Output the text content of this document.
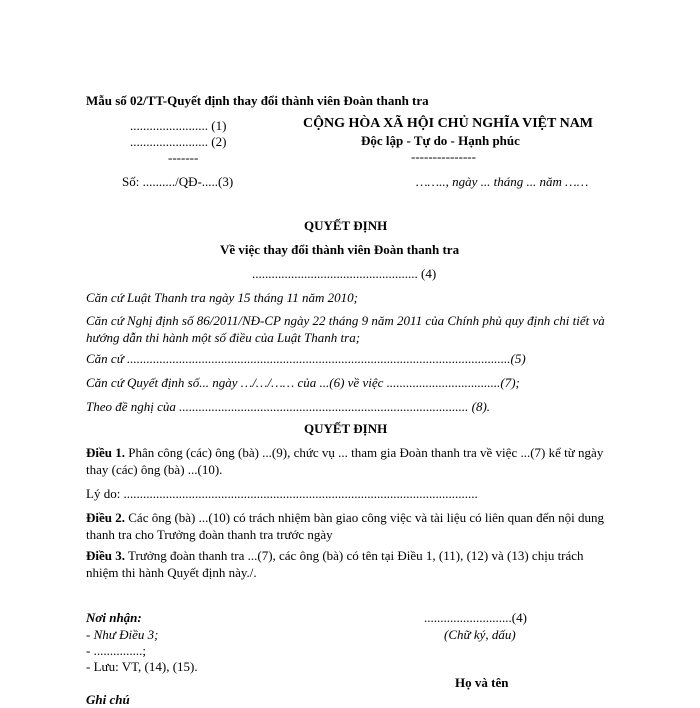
Mẫu số 02/TT-Quyết định thay đổi thành viên Đoàn thanh tra
........................ (1)
........................ (2)
-------
Số: ........../QĐ-.....(3)
CỘNG HÒA XÃ HỘI CHỦ NGHĨA VIỆT NAM
Độc lập - Tự do - Hạnh phúc
---------------
…….., ngày ... tháng ... năm ……
QUYẾT ĐỊNH
Về việc thay đổi thành viên Đoàn thanh tra
................................................... (4)
Căn cứ Luật Thanh tra ngày 15 tháng 11 năm 2010;
Căn cứ Nghị định số 86/2011/NĐ-CP ngày 22 tháng 9 năm 2011 của Chính phủ quy định chi tiết và hướng dẫn thi hành một số điều của Luật Thanh tra;
Căn cứ ......................................................................................................................(5)
Căn cứ Quyết định số... ngày …/…/…… của ...(6) về việc ...................................(7);
Theo đề nghị của ......................................................................................... (8).
QUYẾT ĐỊNH
Điều 1. Phân công (các) ông (bà) ...(9), chức vụ ... tham gia Đoàn thanh tra về việc ...(7) kể từ ngày thay (các) ông (bà) ...(10).
Lý do: .............................................................................................................
Điều 2. Các ông (bà) ...(10) có trách nhiệm bàn giao công việc và tài liệu có liên quan đến nội dung thanh tra cho Trưởng đoàn thanh tra trước ngày
Điều 3. Trưởng đoàn thanh tra ...(7), các ông (bà) có tên tại Điều 1, (11), (12) và (13) chịu trách nhiệm thi hành Quyết định này./.
Nơi nhận:
- Như Điều 3;
- ...............;
- Lưu: VT, (14), (15).
...........................(4)
(Chữ ký, dấu)
Họ và tên
Ghi chú
